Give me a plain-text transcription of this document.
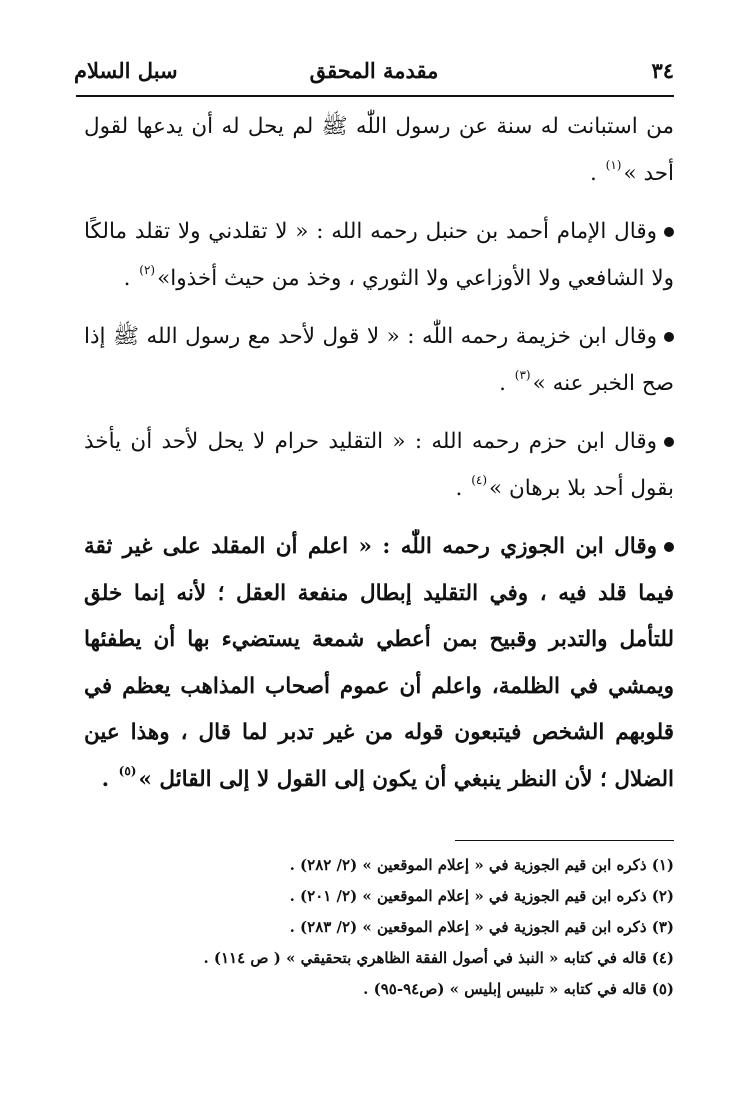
٣٤
مقدمة المحقق
سبل السلام

من استبانت له سنة عن رسول اللّٰه ﷺ لم يحل له أن يدعها لقول أحد »$^{(١)}$ .

وقال الإمام أحمد بن حنبل رحمه الله : « لا تقلدني ولا تقلد مالكًا ولا الشافعي ولا الأوزاعي ولا الثوري ، وخذ من حيث أخذوا»$^{(٢)}$ .

وقال ابن خزيمة رحمه اللّٰه : « لا قول لأحد مع رسول الله ﷺ إذا صح الخبر عنه »$^{(٣)}$ .

وقال ابن حزم رحمه الله : « التقليد حرام لا يحل لأحد أن يأخذ بقول أحد بلا برهان »$^{(٤)}$ .

وقال ابن الجوزي رحمه اللّٰه : « اعلم أن المقلد على غير ثقة فيما قلد فيه ، وفي التقليد إبطال منفعة العقل ؛ لأنه إنما خلق للتأمل والتدبر وقبيح بمن أعطي شمعة يستضيء بها أن يطفئها ويمشي في الظلمة، واعلم أن عموم أصحاب المذاهب يعظم في قلوبهم الشخص فيتبعون قوله من غير تدبر لما قال ، وهذا عين الضلال ؛ لأن النظر ينبغي أن يكون إلى القول لا إلى القائل »$^{(٥)}$ .

(١) ذكره ابن قيم الجوزية في « إعلام الموقعين » (٢/ ٢٨٢) .

(٢) ذكره ابن قيم الجوزية في « إعلام الموقعين » (٢/ ٢٠١) .

(٣) ذكره ابن قيم الجوزية في « إعلام الموقعين » (٢/ ٢٨٣) .

(٤) قاله في كتابه « النبذ في أصول الفقة الظاهري بتحقيقي » ( ص ١١٤) .

(٥) قاله في كتابه « تلبيس إبليس » (ص٩٤-٩٥) .
